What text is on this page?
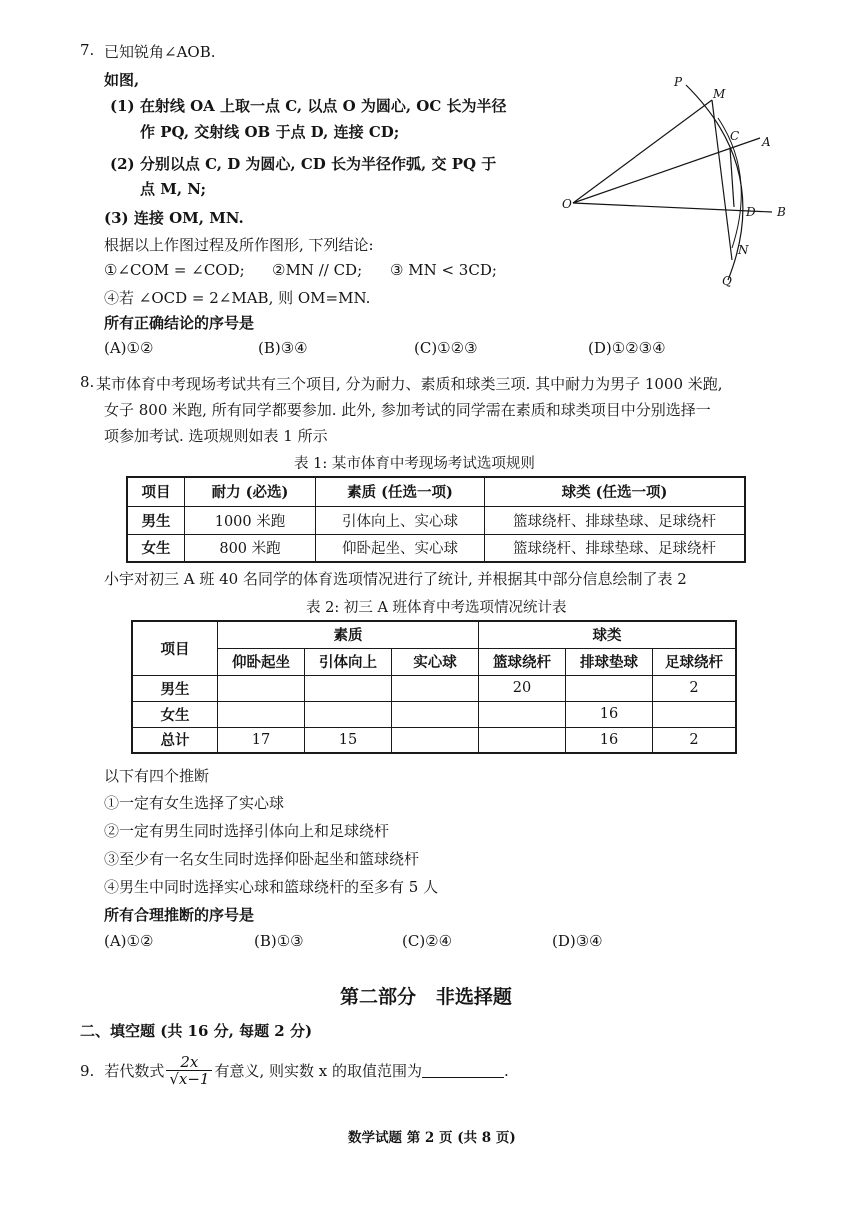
7. 已知锐角∠AOB.
如图,
(1) 在射线 OA 上取一点 C, 以点 O 为圆心, OC 长为半径
作 PQ, 交射线 OB 于点 D, 连接 CD;
(2) 分别以点 C, D 为圆心, CD 长为半径作弧, 交 PQ 于
点 M, N;
(3) 连接 OM, MN.
根据以上作图过程及所作图形, 下列结论:
①∠COM = ∠COD; ②MN // CD; ③ MN < 3CD;
④若 ∠OCD = 2∠MAB, 则 OM=MN.
所有正确结论的序号是
(A)①②	(B)③④	(C)①②③	(D)①②③④
P
M
C A
O
D B
N
Q
8. 某市体育中考现场考试共有三个项目, 分为耐力、素质和球类三项. 其中耐力为男子 1000 米跑,
女子 800 米跑, 所有同学都要参加. 此外, 参加考试的同学需在素质和球类项目中分别选择一
项参加考试. 选项规则如表 1 所示
表 1: 某市体育中考现场考试选项规则
项目	耐力 (必选)	素质 (任选一项)	球类 (任选一项)
男生	1000 米跑	引体向上、实心球	篮球绕杆、排球垫球、足球绕杆
女生	800 米跑	仰卧起坐、实心球	篮球绕杆、排球垫球、足球绕杆
小宇对初三 A 班 40 名同学的体育选项情况进行了统计, 并根据其中部分信息绘制了表 2
表 2: 初三 A 班体育中考选项情况统计表
项目	素质			球类		
	仰卧起坐	引体向上	实心球	篮球绕杆	排球垫球	足球绕杆
男生				20		2
女生					16	
总计	17	15			16	2
以下有四个推断
①一定有女生选择了实心球
②一定有男生同时选择引体向上和足球绕杆
③至少有一名女生同时选择仰卧起坐和篮球绕杆
④男生中同时选择实心球和篮球绕杆的至多有 5 人
所有合理推断的序号是
(A)①②	(B)①③	(C)②④	(D)③④
第二部分   非选择题
二、填空题 (共 16 分, 每题 2 分)
9. 若代数式 $\frac{2x}{√x-1}$ 有意义, 则实数 x 的取值范围为	.
数学试题 第 2 页 (共 8 页)
